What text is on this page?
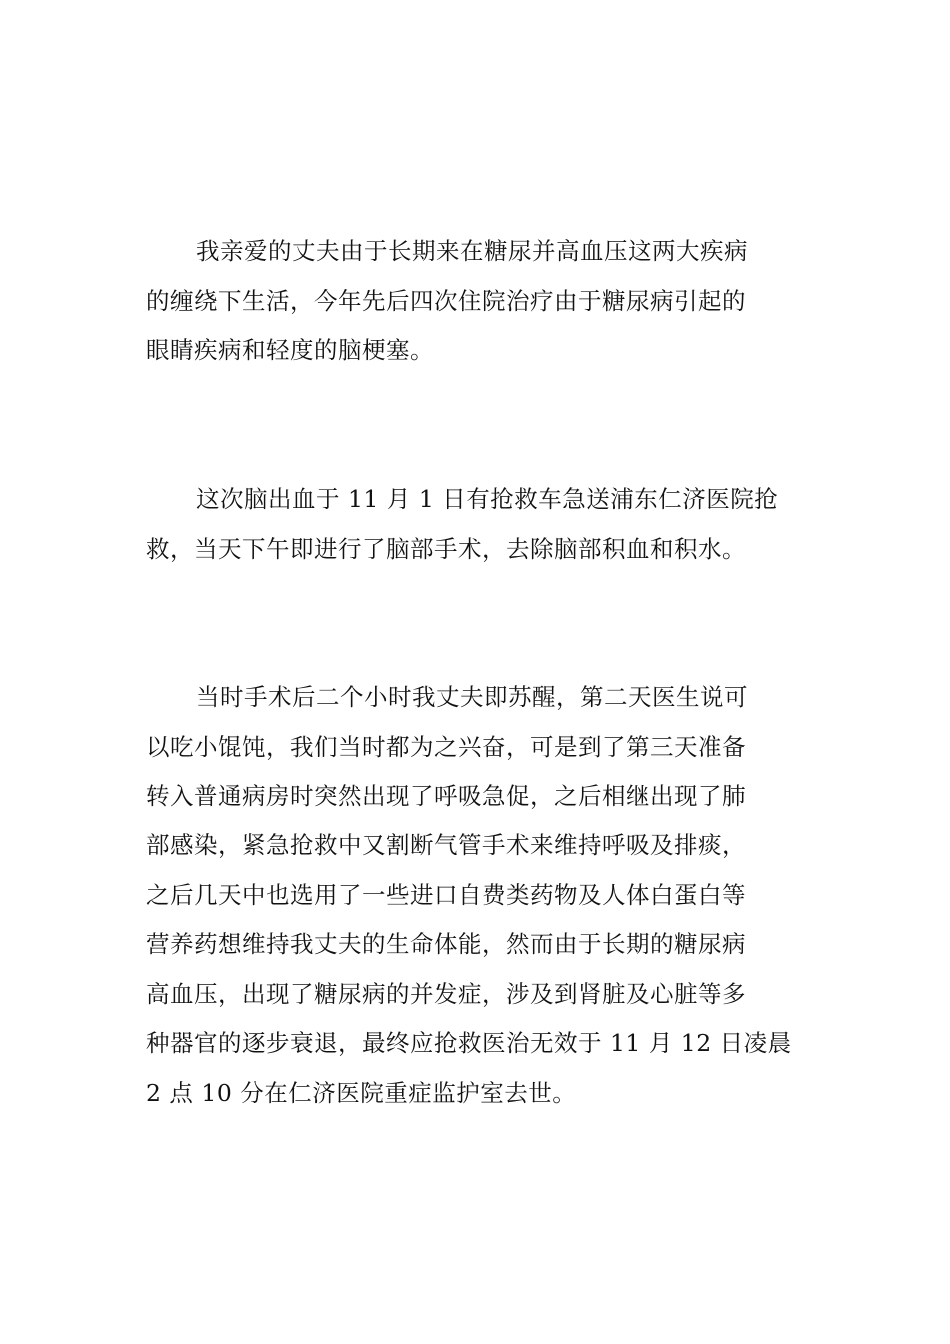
我亲爱的丈夫由于长期来在糖尿并高血压这两大疾病
的缠绕下生活，今年先后四次住院治疗由于糖尿病引起的
眼睛疾病和轻度的脑梗塞。
这次脑出血于 11 月 1 日有抢救车急送浦东仁济医院抢
救，当天下午即进行了脑部手术，去除脑部积血和积水。
当时手术后二个小时我丈夫即苏醒，第二天医生说可
以吃小馄饨，我们当时都为之兴奋，可是到了第三天准备
转入普通病房时突然出现了呼吸急促，之后相继出现了肺
部感染，紧急抢救中又割断气管手术来维持呼吸及排痰，
之后几天中也选用了一些进口自费类药物及人体白蛋白等
营养药想维持我丈夫的生命体能，然而由于长期的糖尿病
高血压，出现了糖尿病的并发症，涉及到肾脏及心脏等多
种器官的逐步衰退，最终应抢救医治无效于 11 月 12 日凌晨
2 点 10 分在仁济医院重症监护室去世。
